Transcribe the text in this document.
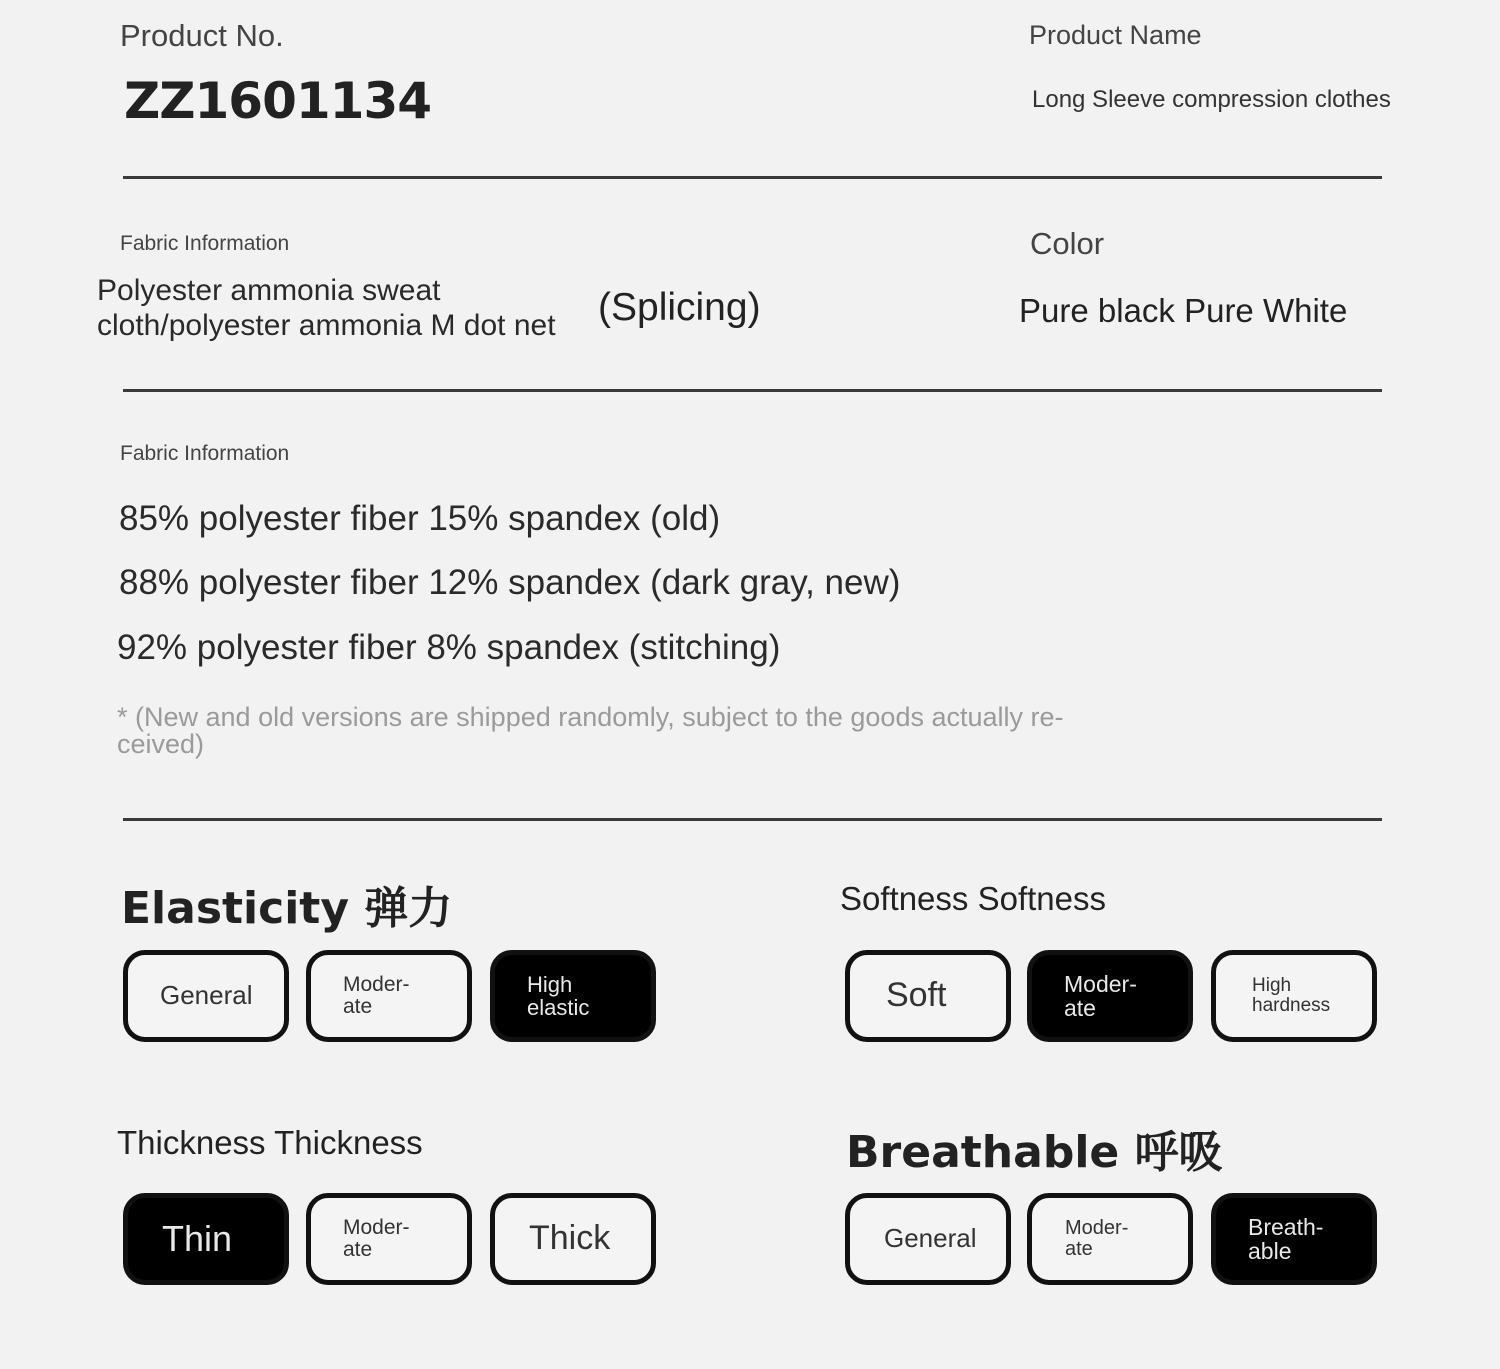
Product No.
ZZ1601134
Product Name
Long Sleeve compression clothes
Fabric Information
Polyester ammonia sweat
cloth/polyester ammonia M dot net (Splicing)
Color
Pure black Pure White
Fabric Information
85% polyester fiber 15% spandex (old)
88% polyester fiber 12% spandex (dark gray, new)
92% polyester fiber 8% spandex (stitching)
* (New and old versions are shipped randomly, subject to the goods actually re-ceived)
Elasticity 弹力
General	Moder-
ate
High
elastic
Softness Softness
Soft	Moder-
ate
High
hardness
Thickness Thickness
Thin	Moder-
ate	Thick
Breathable 呼吸
General	Moder-
ate
Breath-
able
